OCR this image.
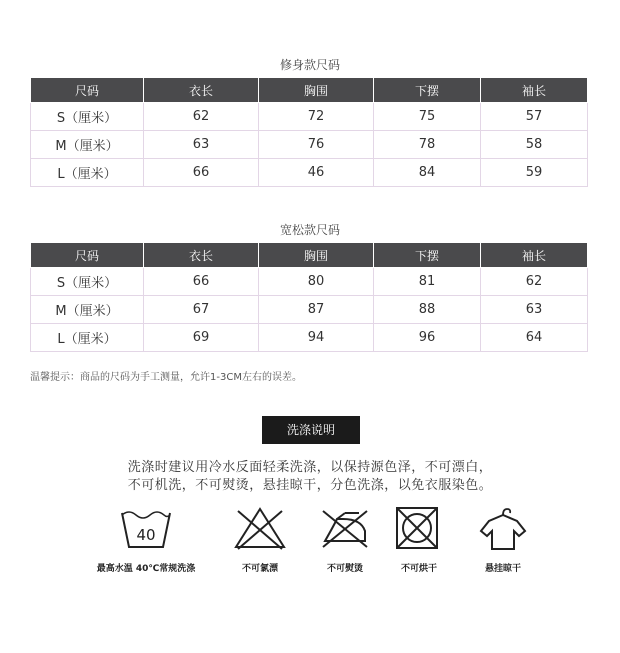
修身款尺码
尺码	衣长	胸围	下摆	袖长
S（厘米）	62	72	75	57
M（厘米）	63	76	78	58
L（厘米）	66	46	84	59
宽松款尺码
尺码	衣长	胸围	下摆	袖长
S（厘米）	66	80	81	62
M（厘米）	67	87	88	63
L（厘米）	69	94	96	64
温馨提示：商品的尺码为手工测量，允许1-3CM左右的误差。
洗涤说明
洗涤时建议用冷水反面轻柔洗涤，以保持源色泽，不可漂白，
不可机洗，不可熨烫，悬挂晾干，分色洗涤，以免衣服染色。
40
最高水温 40℃常规洗涤	不可氯漂	不可熨烫	不可烘干	悬挂晾干
